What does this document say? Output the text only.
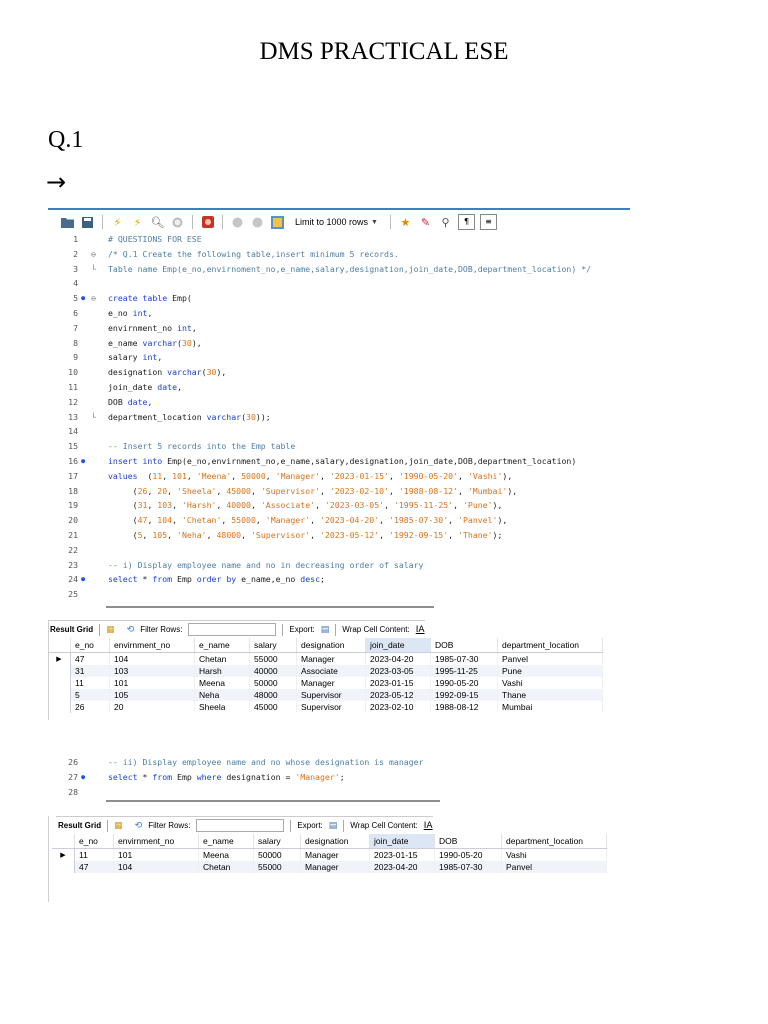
DMS PRACTICAL ESE
Q.1
→
⚡	⚡ 🔍︎	Limit to 1000 rows ▼ ★ ✎	⚲	¶	≡
1	# QUESTIONS FOR ESE
2 ⊖	/* Q.1 Create the following table,insert minimum 5 records.
3 └	Table name Emp(e_no,envirnoment_no,e_name,salary,designation,join_date,DOB,department_location) */
4
5 ● ⊖	create table Emp(
6	e_no int,
7	envirnment_no int,
8	e_name varchar(30),
9	salary int,
10	designation varchar(30),
11	join_date date,
12	DOB date,
13 └	department_location varchar(30));
14
15	-- Insert 5 records into the Emp table
16 ●	insert into Emp(e_no,envirnment_no,e_name,salary,designation,join_date,DOB,department_location)
17	values  (11, 101, 'Meena', 50000, 'Manager', '2023-01-15', '1990-05-20', 'Vashi'),
18	(26, 20, 'Sheela', 45000, 'Supervisor', '2023-02-10', '1988-08-12', 'Mumbai'),
19	(31, 103, 'Harsh', 40000, 'Associate', '2023-03-05', '1995-11-25', 'Pune'),
20	(47, 104, 'Chetan', 55000, 'Manager', '2023-04-20', '1985-07-30', 'Panvel'),
21	(5, 105, 'Neha', 48000, 'Supervisor', '2023-05-12', '1992-09-15', 'Thane');
22
23	-- i) Display employee name and no in decreasing order of salary
24 ●	select * from Emp order by e_name,e_no desc;
25
Result Grid ▦ ⟲ Filter Rows:	Export: ▤ Wrap Cell Content: IA
	e_no	envirnment_no	e_name	salary	designation	join_date	DOB	department_location
▶	47	104	Chetan	55000	Manager	2023-04-20	1985-07-30	Panvel
	31	103	Harsh	40000	Associate	2023-03-05	1995-11-25	Pune
	11	101	Meena	50000	Manager	2023-01-15	1990-05-20	Vashi
	5	105	Neha	48000	Supervisor	2023-05-12	1992-09-15	Thane
	26	20	Sheela	45000	Supervisor	2023-02-10	1988-08-12	Mumbai
26	-- ii) Display employee name and no whose designation is manager
27 ●	select * from Emp where designation = 'Manager';
28
Result Grid ▦ ⟲ Filter Rows:	Export: ▤ Wrap Cell Content: IA
	e_no	envirnment_no	e_name	salary	designation	join_date	DOB	department_location
▶	11	101	Meena	50000	Manager	2023-01-15	1990-05-20	Vashi
	47	104	Chetan	55000	Manager	2023-04-20	1985-07-30	Panvel
